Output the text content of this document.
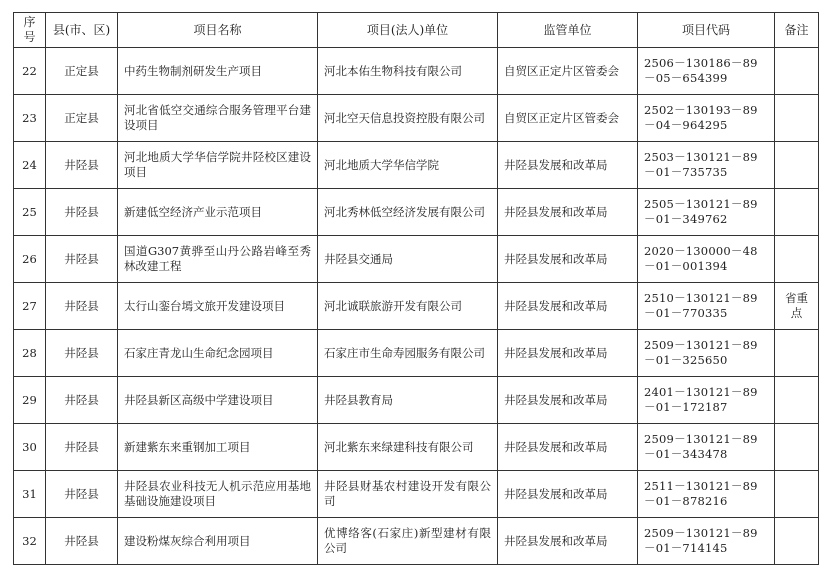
序号	县(市、区)	项目名称	项目(法人)单位	监管单位	项目代码	备注
22	正定县	中药生物制剂研发生产项目	河北本佑生物科技有限公司	自贸区正定片区管委会	2506－130186－89－05－654399	
23	正定县	河北省低空交通综合服务管理平台建设项目	河北空天信息投资控股有限公司	自贸区正定片区管委会	2502－130193－89－04－964295	
24	井陉县	河北地质大学华信学院井陉校区建设项目	河北地质大学华信学院	井陉县发展和改革局	2503－130121－89－01－735735	
25	井陉县	新建低空经济产业示范项目	河北秀林低空经济发展有限公司	井陉县发展和改革局	2505－130121－89－01－349762	
26	井陉县	国道G307黄骅至山丹公路岩峰至秀林改建工程	井陉县交通局	井陉县发展和改革局	2020－130000－48－01－001394	
27	井陉县	太行山銮台墕文旅开发建设项目	河北诚联旅游开发有限公司	井陉县发展和改革局	2510－130121－89－01－770335	省重点
28	井陉县	石家庄青龙山生命纪念园项目	石家庄市生命寿园服务有限公司	井陉县发展和改革局	2509－130121－89－01－325650	
29	井陉县	井陉县新区高级中学建设项目	井陉县教育局	井陉县发展和改革局	2401－130121－89－01－172187	
30	井陉县	新建紫东来重钢加工项目	河北紫东来绿建科技有限公司	井陉县发展和改革局	2509－130121－89－01－343478	
31	井陉县	井陉县农业科技无人机示范应用基地基础设施建设项目	井陉县财基农村建设开发有限公司	井陉县发展和改革局	2511－130121－89－01－878216	
32	井陉县	建设粉煤灰综合利用项目	优博络客(石家庄)新型建材有限公司	井陉县发展和改革局	2509－130121－89－01－714145	
